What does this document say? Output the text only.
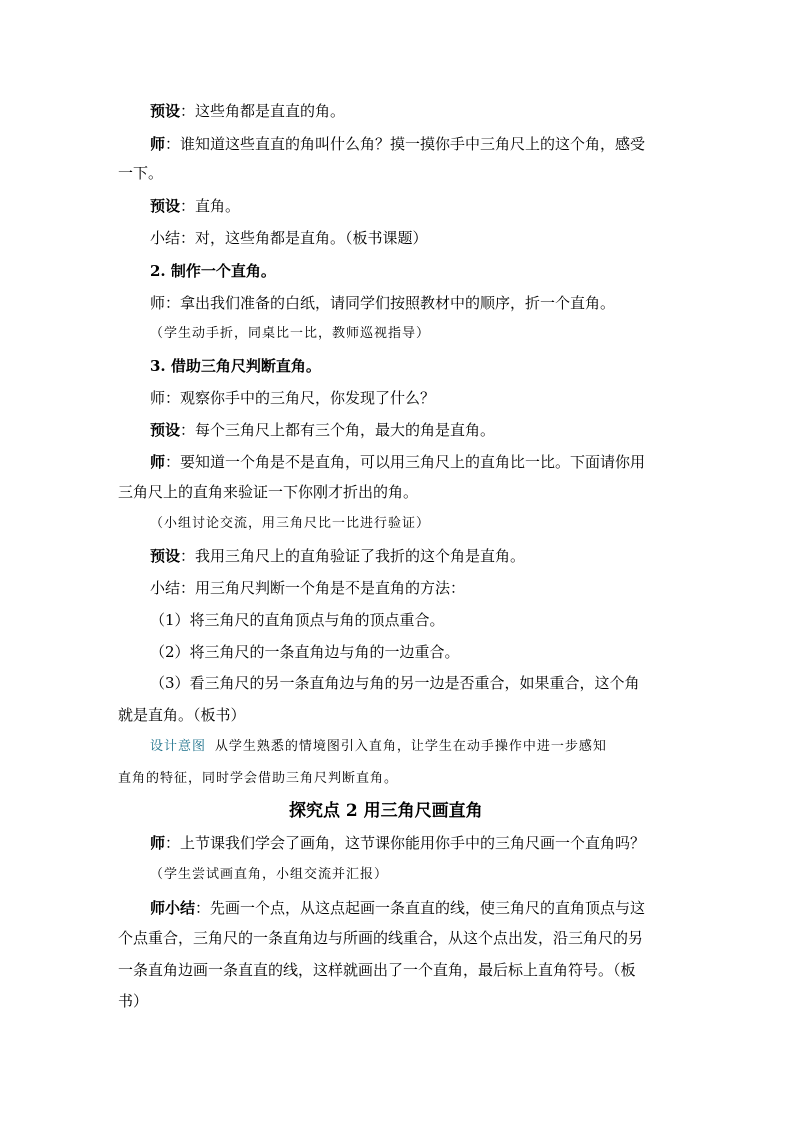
预设：这些角都是直直的角。
师：谁知道这些直直的角叫什么角？摸一摸你手中三角尺上的这个角，感受
一下。
预设：直角。
小结：对，这些角都是直角。（板书课题）
2. 制作一个直角。
师：拿出我们准备的白纸，请同学们按照教材中的顺序，折一个直角。
（学生动手折，同桌比一比，教师巡视指导）
3. 借助三角尺判断直角。
师：观察你手中的三角尺，你发现了什么？
预设：每个三角尺上都有三个角，最大的角是直角。
师：要知道一个角是不是直角，可以用三角尺上的直角比一比。下面请你用
三角尺上的直角来验证一下你刚才折出的角。
（小组讨论交流，用三角尺比一比进行验证）
预设：我用三角尺上的直角验证了我折的这个角是直角。
小结：用三角尺判断一个角是不是直角的方法：
（1）将三角尺的直角顶点与角的顶点重合。
（2）将三角尺的一条直角边与角的一边重合。
（3）看三角尺的另一条直角边与角的另一边是否重合，如果重合，这个角
就是直角。（板书）
设计意图 从学生熟悉的情境图引入直角，让学生在动手操作中进一步感知
直角的特征，同时学会借助三角尺判断直角。
探究点 2 用三角尺画直角
师：上节课我们学会了画角，这节课你能用你手中的三角尺画一个直角吗？
（学生尝试画直角，小组交流并汇报）
师小结：先画一个点，从这点起画一条直直的线，使三角尺的直角顶点与这
个点重合，三角尺的一条直角边与所画的线重合，从这个点出发，沿三角尺的另
一条直角边画一条直直的线，这样就画出了一个直角，最后标上直角符号。（板
书）
